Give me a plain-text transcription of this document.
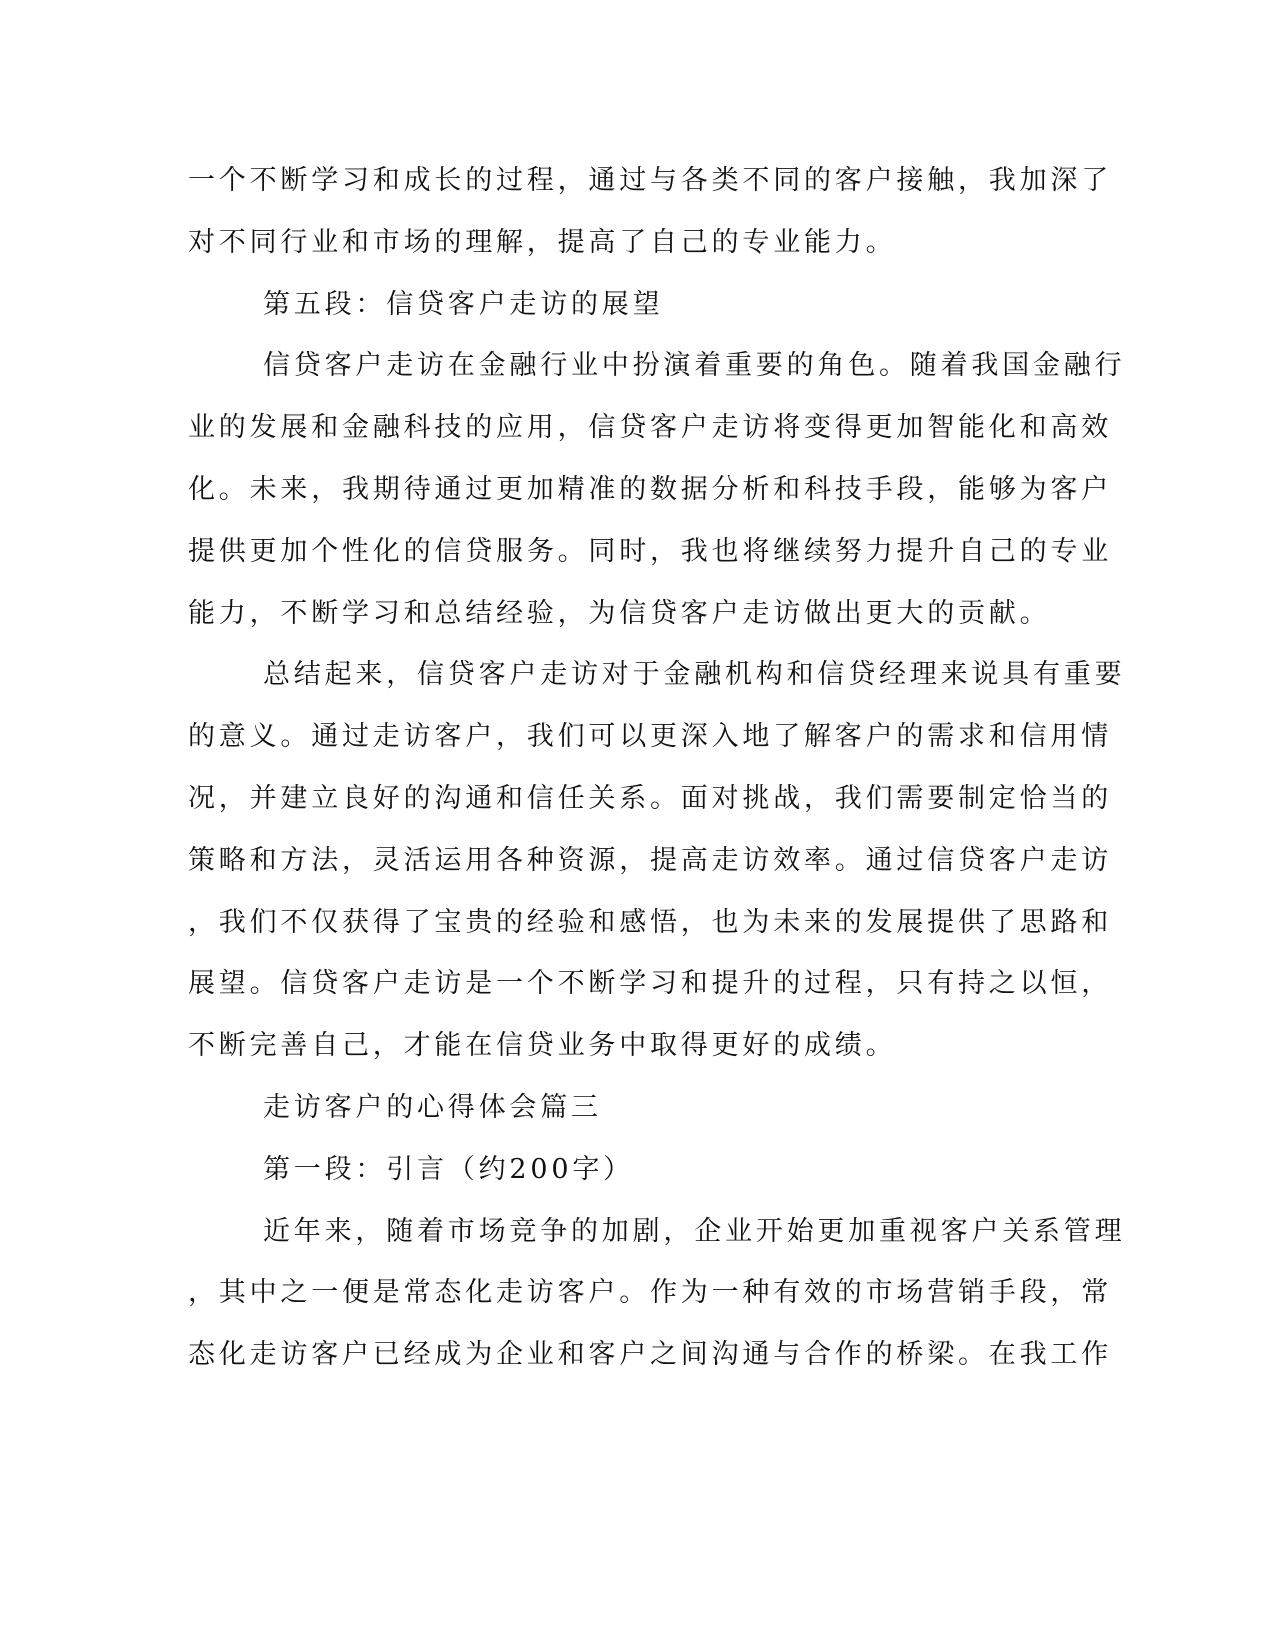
一个不断学习和成长的过程，通过与各类不同的客户接触，我加深了
对不同行业和市场的理解，提高了自己的专业能力。
第五段：信贷客户走访的展望
信贷客户走访在金融行业中扮演着重要的角色。随着我国金融行
业的发展和金融科技的应用，信贷客户走访将变得更加智能化和高效
化。未来，我期待通过更加精准的数据分析和科技手段，能够为客户
提供更加个性化的信贷服务。同时，我也将继续努力提升自己的专业
能力，不断学习和总结经验，为信贷客户走访做出更大的贡献。
总结起来，信贷客户走访对于金融机构和信贷经理来说具有重要
的意义。通过走访客户，我们可以更深入地了解客户的需求和信用情
况，并建立良好的沟通和信任关系。面对挑战，我们需要制定恰当的
策略和方法，灵活运用各种资源，提高走访效率。通过信贷客户走访
，我们不仅获得了宝贵的经验和感悟，也为未来的发展提供了思路和
展望。信贷客户走访是一个不断学习和提升的过程，只有持之以恒，
不断完善自己，才能在信贷业务中取得更好的成绩。
走访客户的心得体会篇三
第一段：引言（约200字）
近年来，随着市场竞争的加剧，企业开始更加重视客户关系管理
，其中之一便是常态化走访客户。作为一种有效的市场营销手段，常
态化走访客户已经成为企业和客户之间沟通与合作的桥梁。在我工作
